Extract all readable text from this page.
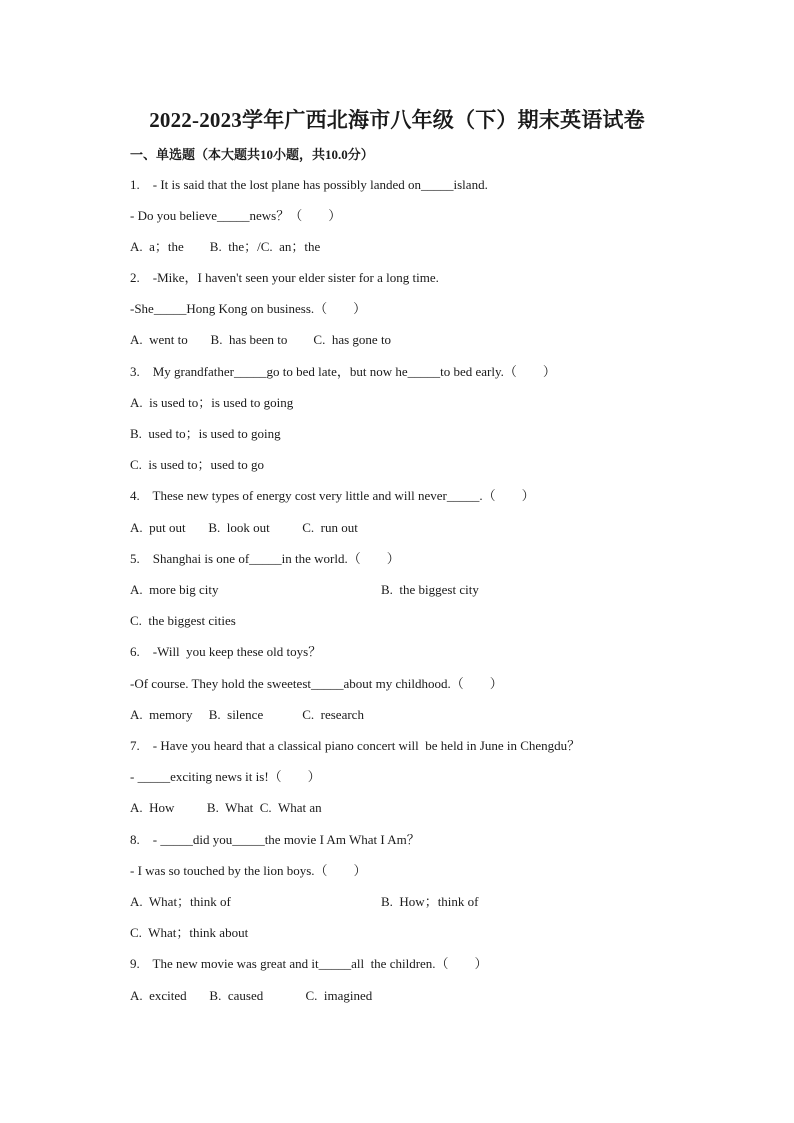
2022-2023学年广西北海市八年级（下）期末英语试卷
一、单选题（本大题共10小题，共10.0分）
1.    - It is said that the lost plane has possibly landed on_____island.
- Do you believe_____news？（        ）
A.  a；the        B.  the；/C.  an；the
2.    -Mike，I haven't seen your elder sister for a long time.
-She_____Hong Kong on business.（        ）
A.  went to       B.  has been to        C.  has gone to
3.    My grandfather_____go to bed late，but now he_____to bed early.（        ）
A.  is used to；is used to going
B.  used to；is used to going
C.  is used to；used to go
4.    These new types of energy cost very little and will never_____.（        ）
A.  put out       B.  look out          C.  run out
5.    Shanghai is one of_____in the world.（        ）

A.  more big city

	B.  the biggest city

C.  the biggest cities
6.    -Will  you keep these old toys？
-Of course. They hold the sweetest_____about my childhood.（        ）
A.  memory     B.  silence            C.  research
7.    - Have you heard that a classical piano concert will  be held in June in Chengdu？
- _____exciting news it is!（        ）
A.  How          B.  What  C.  What an
8.    - _____did you_____the movie I Am What I Am？
- I was so touched by the lion boys.（        ）

A.  What；think of

	B.  How；think of

C.  What；think about
9.    The new movie was great and it_____all  the children.（        ）
A.  excited       B.  caused             C.  imagined
